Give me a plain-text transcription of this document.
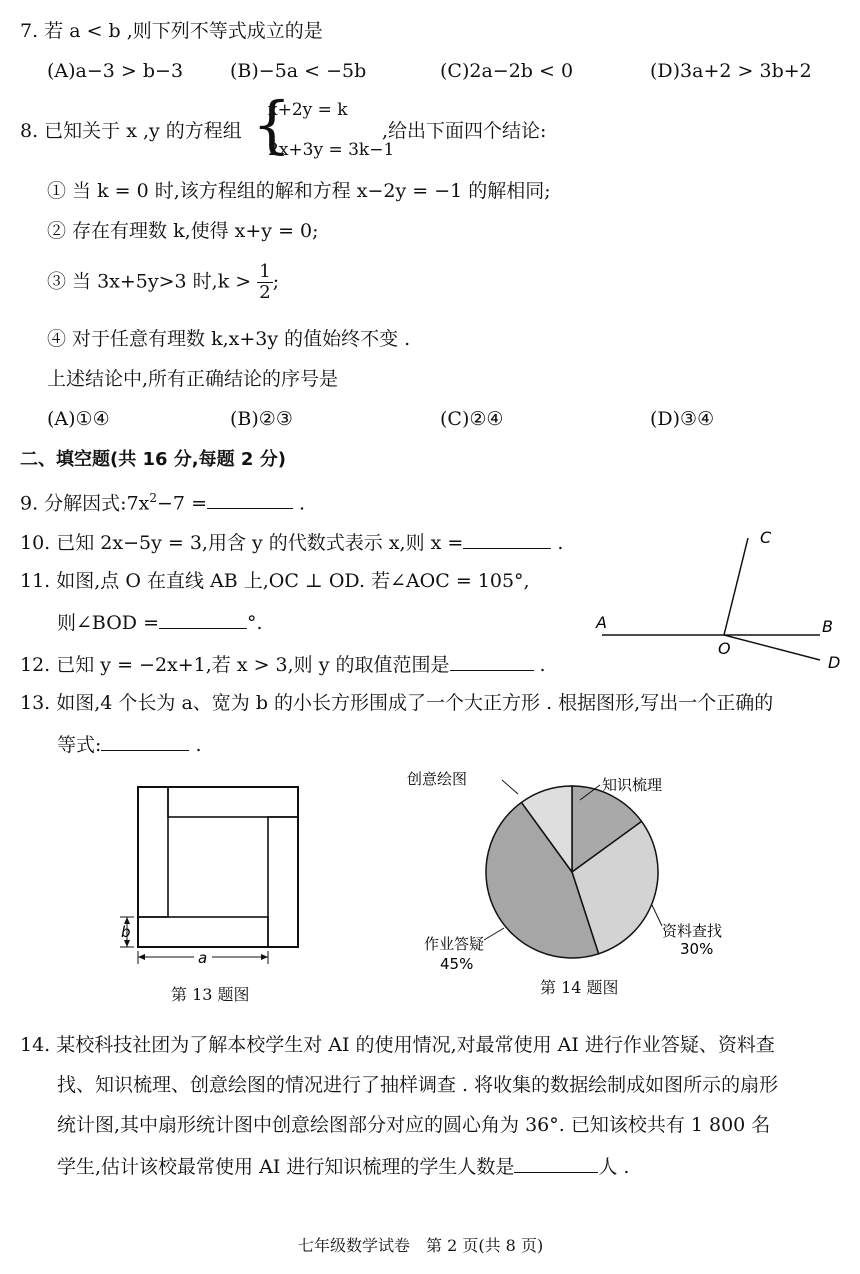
7. 若 a < b ,则下列不等式成立的是
(A)a−3 > b−3 (B)−5a < −5b	(C)2a−2b < 0	(D)3a+2 > 3b+2
8. 已知关于 x ,y 的方程组 {
x+2y = k
2x+3y = 3k−1
,给出下面四个结论:
① 当 k = 0 时,该方程组的解和方程 x−2y = −1 的解相同;
② 存在有理数 k,使得 x+y = 0;
③ 当 3x+5y>3 时$,k > \frac{1}{2}$ ;
④ 对于任意有理数 k,x+3y 的值始终不变 .
上述结论中,所有正确结论的序号是
(A)①④	(B)②③	(C)②④	(D)③④
二、填空题(共 16 分,每题 2 分)
9. 分解因式$:7x^2-7$ =	.
10. 已知 2x−5y = 3,用含 y 的代数式表示 x,则 x =	.
11. 如图,点 O 在直线 AB 上,OC ⊥ OD. 若∠AOC = 105°,
则∠BOD =	°.
12. 已知 y = −2x+1,若 x > 3,则 y 的取值范围是	.
A	B
C
D
O
13. 如图,4 个长为 a、宽为 b 的小长方形围成了一个大正方形 . 根据图形,写出一个正确的
等式:	.
b
a
第 13 题图
知识梳理
创意绘图
资料查找
30%
作业答疑
45%
第 14 题图
14. 某校科技社团为了解本校学生对 AI 的使用情况,对最常使用 AI 进行作业答疑、资料查
找、知识梳理、创意绘图的情况进行了抽样调查 . 将收集的数据绘制成如图所示的扇形
统计图,其中扇形统计图中创意绘图部分对应的圆心角为 36°. 已知该校共有 1 800 名
学生,估计该校最常使用 AI 进行知识梳理的学生人数是	人 .
七年级数学试卷　第 2 页(共 8 页)
